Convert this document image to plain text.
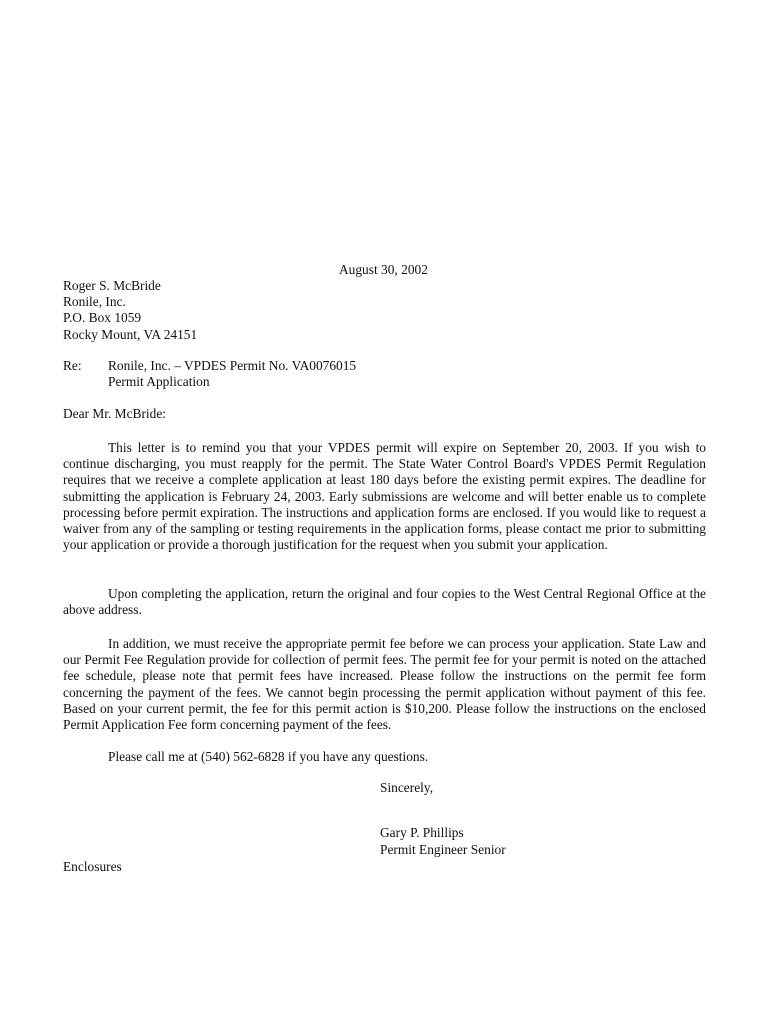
August 30, 2002
Roger S. McBride
Ronile, Inc.
P.O. Box 1059
Rocky Mount, VA 24151
Re: Ronile, Inc. – VPDES Permit No. VA0076015
Permit Application
Dear Mr. McBride:
This letter is to remind you that your VPDES permit will expire on September 20, 2003. If you wish to continue discharging, you must reapply for the permit. The State Water Control Board's VPDES Permit Regulation requires that we receive a complete application at least 180 days before the existing permit expires. The deadline for submitting the application is February 24, 2003. Early submissions are welcome and will better enable us to complete processing before permit expiration. The instructions and application forms are enclosed. If you would like to request a waiver from any of the sampling or testing requirements in the application forms, please contact me prior to submitting your application or provide a thorough justification for the request when you submit your application.
Upon completing the application, return the original and four copies to the West Central Regional Office at the above address.
In addition, we must receive the appropriate permit fee before we can process your application. State Law and our Permit Fee Regulation provide for collection of permit fees. The permit fee for your permit is noted on the attached fee schedule, please note that permit fees have increased. Please follow the instructions on the permit fee form concerning the payment of the fees. We cannot begin processing the permit application without payment of this fee. Based on your current permit, the fee for this permit action is $10,200. Please follow the instructions on the enclosed Permit Application Fee form concerning payment of the fees.
Please call me at (540) 562-6828 if you have any questions.
Sincerely,
Gary P. Phillips
Permit Engineer Senior
Enclosures
